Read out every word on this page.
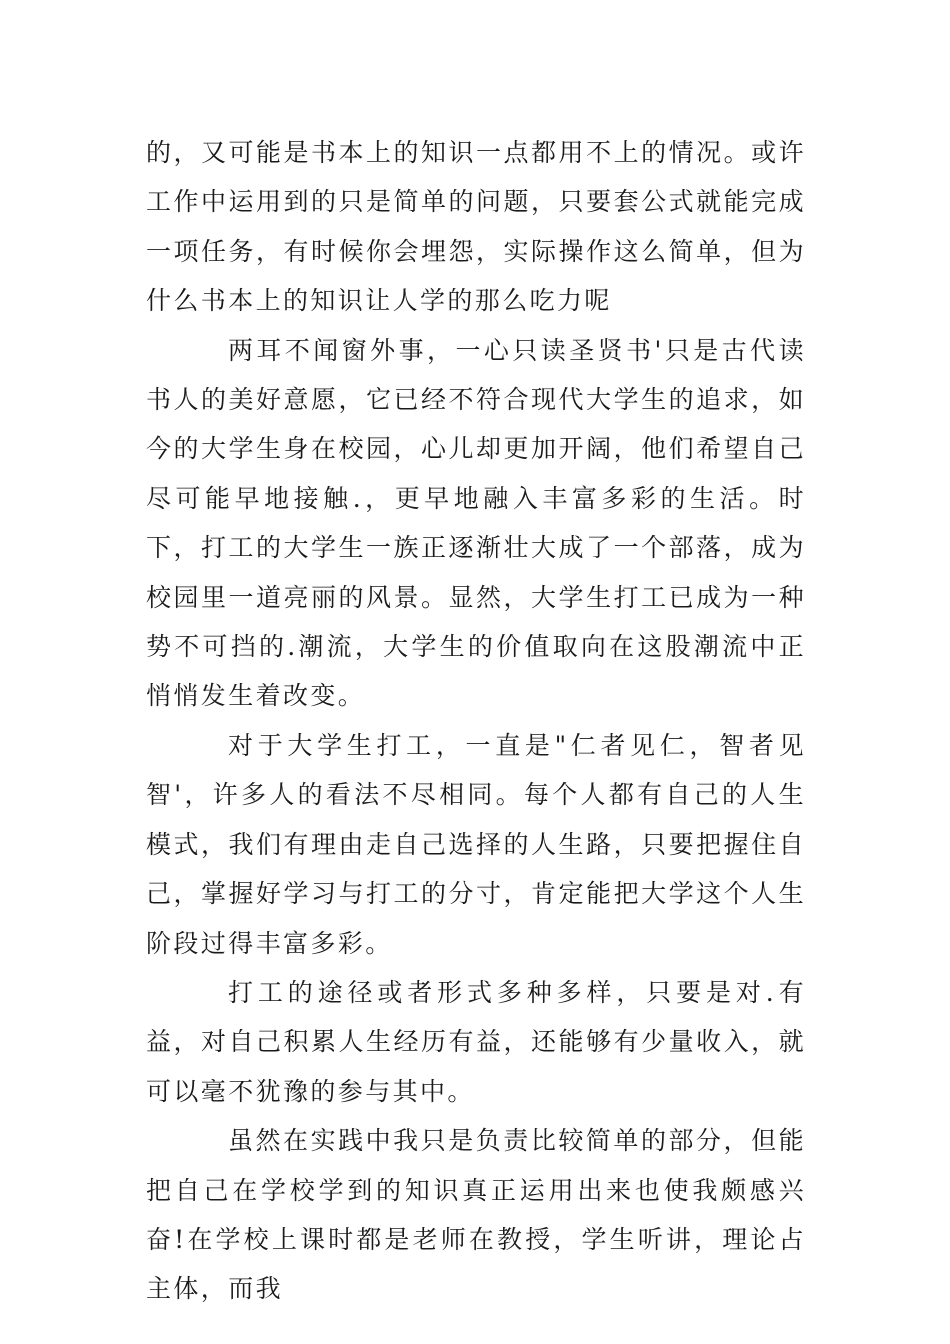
的，又可能是书本上的知识一点都用不上的情况。或许工作中运用到的只是简单的问题，只要套公式就能完成一项任务，有时候你会埋怨，实际操作这么简单，但为什么书本上的知识让人学的那么吃力呢

两耳不闻窗外事，一心只读圣贤书'只是古代读书人的美好意愿，它已经不符合现代大学生的追求，如今的大学生身在校园，心儿却更加开阔，他们希望自己尽可能早地接触.，更早地融入丰富多彩的生活。时下，打工的大学生一族正逐渐壮大成了一个部落，成为校园里一道亮丽的风景。显然，大学生打工已成为一种势不可挡的.潮流，大学生的价值取向在这股潮流中正悄悄发生着改变。

对于大学生打工，一直是"仁者见仁，智者见智'，许多人的看法不尽相同。每个人都有自己的人生模式，我们有理由走自己选择的人生路，只要把握住自己，掌握好学习与打工的分寸，肯定能把大学这个人生阶段过得丰富多彩。

打工的途径或者形式多种多样，只要是对.有益，对自己积累人生经历有益，还能够有少量收入，就可以毫不犹豫的参与其中。

虽然在实践中我只是负责比较简单的部分，但能把自己在学校学到的知识真正运用出来也使我颇感兴奋!在学校上课时都是老师在教授，学生听讲，理论占主体，而我
